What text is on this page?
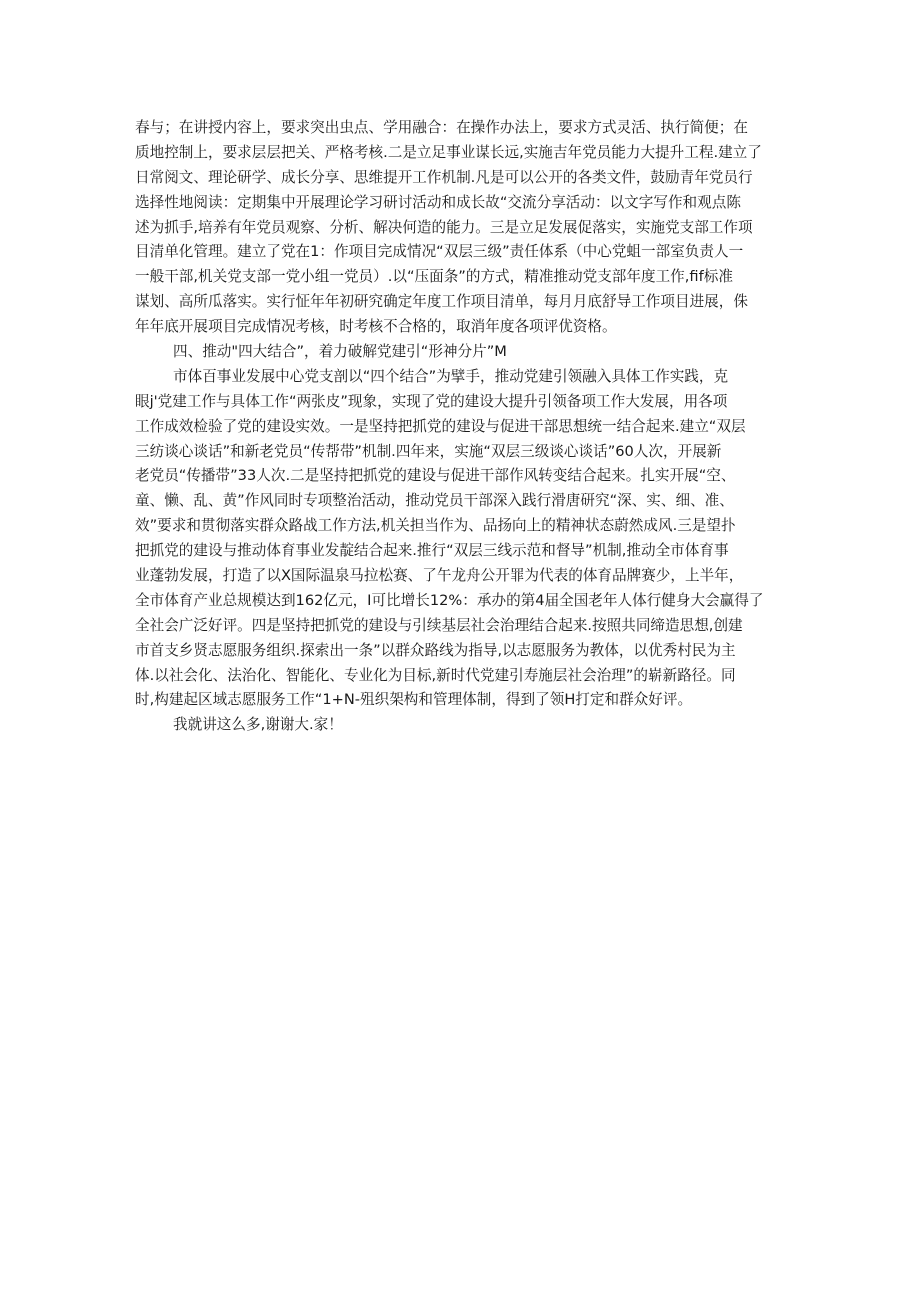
春与；在讲授内容上，要求突出虫点、学用融合：在操作办法上，要求方式灵活、执行简便；在
质地控制上，要求层层把关、严格考核.二是立足事业谋长远,实施吉年党员能力大提升工程.建立了
日常阅文、理论研学、成长分享、思维提开工作机制.凡是可以公开的各类文件，鼓励青年党员行
选择性地阅读：定期集中开展理论学习研讨活动和成长故“交流分享活动：以文字写作和观点陈
述为抓手,培养有年党员观察、分析、解决何造的能力。三是立足发展促落实，实施党支部工作项
目清单化管理。建立了党在1：作项目完成情况“双层三级”责任体系（中心党蛆一部室负责人一
一般干部,机关党支部一党小组一党员）.以“压面条”的方式，精准推动党支部年度工作,fif标准
谋划、高所瓜落实。实行怔年年初研究确定年度工作项目清单，每月月底舒导工作项目进展，侏
年年底开展项目完成情况考核，时考核不合格的，取消年度各项评优资格。
四、推动"四大结合”，着力破解党建引“形神分片”M
市体百事业发展中心党支剖以“四个结合”为擘手，推动党建引领融入具体工作实践，克
眼j'党建工作与具体工作“两张皮”现象，实现了党的建设大提升引领备项工作大发展，用各项
工作成效检验了党的建设实效。一是坚持把抓党的建设与促进干部思想统一结合起来.建立“双层
三纺谈心谈话”和新老党员“传帮带”机制.四年来，实施“双层三级谈心谈话”60人次，开展新
老党员“传播带”33人次.二是坚持把抓党的建设与促进干部作风转变结合起来。扎实开展“空、
童、懒、乱、黄”作风同时专项整治活动，推动党员干部深入践行滑唐研究“深、实、细、准、
效”要求和贯彻落实群众路战工作方法,机关担当作为、品扬向上的精神状态蔚然成风.三是望扑
把抓党的建设与推动体育事业发靛结合起来.推行“双层三线示范和督导”机制,推动全市体育事
业蓬勃发展，打造了以X国际温泉马拉松赛、了午龙舟公开罪为代表的体育品牌赛少，上半年，
全市体育产业总规模达到162亿元，I可比增长12%：承办的第4届全国老年人体行健身大会赢得了
全社会广泛好评。四是坚持把抓党的建设与引续基层社会治理结合起来.按照共同缔造思想,创建
市首支乡贤志愿服务组织.探索出一条”以群众路线为指导,以志愿服务为教体，以优秀村民为主
体.以社会化、法治化、智能化、专业化为目标,新时代党建引寿施层社会治理”的崭新路径。同
时,构建起区域志愿服务工作“1+N-殂织架构和管理体制，得到了领H打定和群众好评。
我就讲这么多,谢谢大.家！
